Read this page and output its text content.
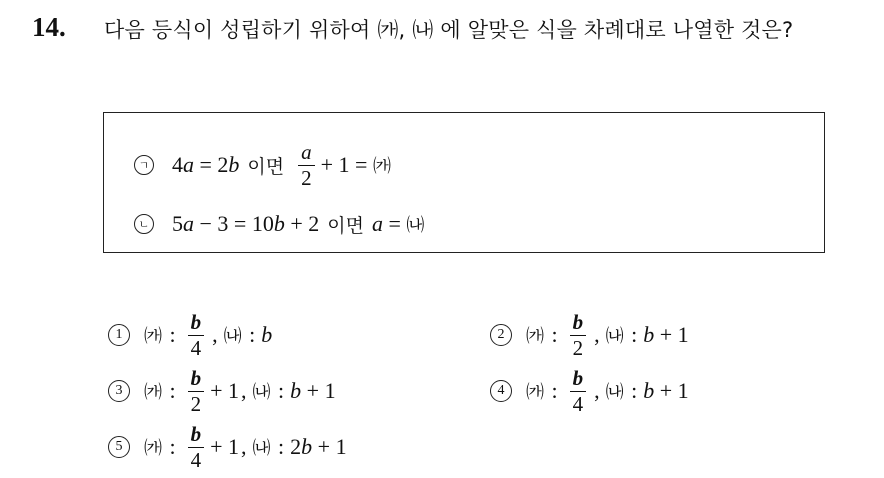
14. 다음 등식이 성립하기 위하여 ㈎, ㈏ 에 알맞은 식을 차례대로 나열한 것은?
ㄱ 4 a = 2 b 이면 $\frac{a}{2} + 1$ = ㈎
ㄴ 5 a − 3 = 10 b + 2 이면 a = ㈏
1	㈎ : $\frac{b}{4}$ , ㈏ : b	2	㈎ : $\frac{b}{2}$ , ㈏ : b + 1
3	㈎ : $\frac{b}{2} + 1$ , ㈏ : b + 1	4	㈎ : $\frac{b}{4}$ , ㈏ : b + 1
5	㈎ : $\frac{b}{4} + 1$ , ㈏ : 2 b + 1
